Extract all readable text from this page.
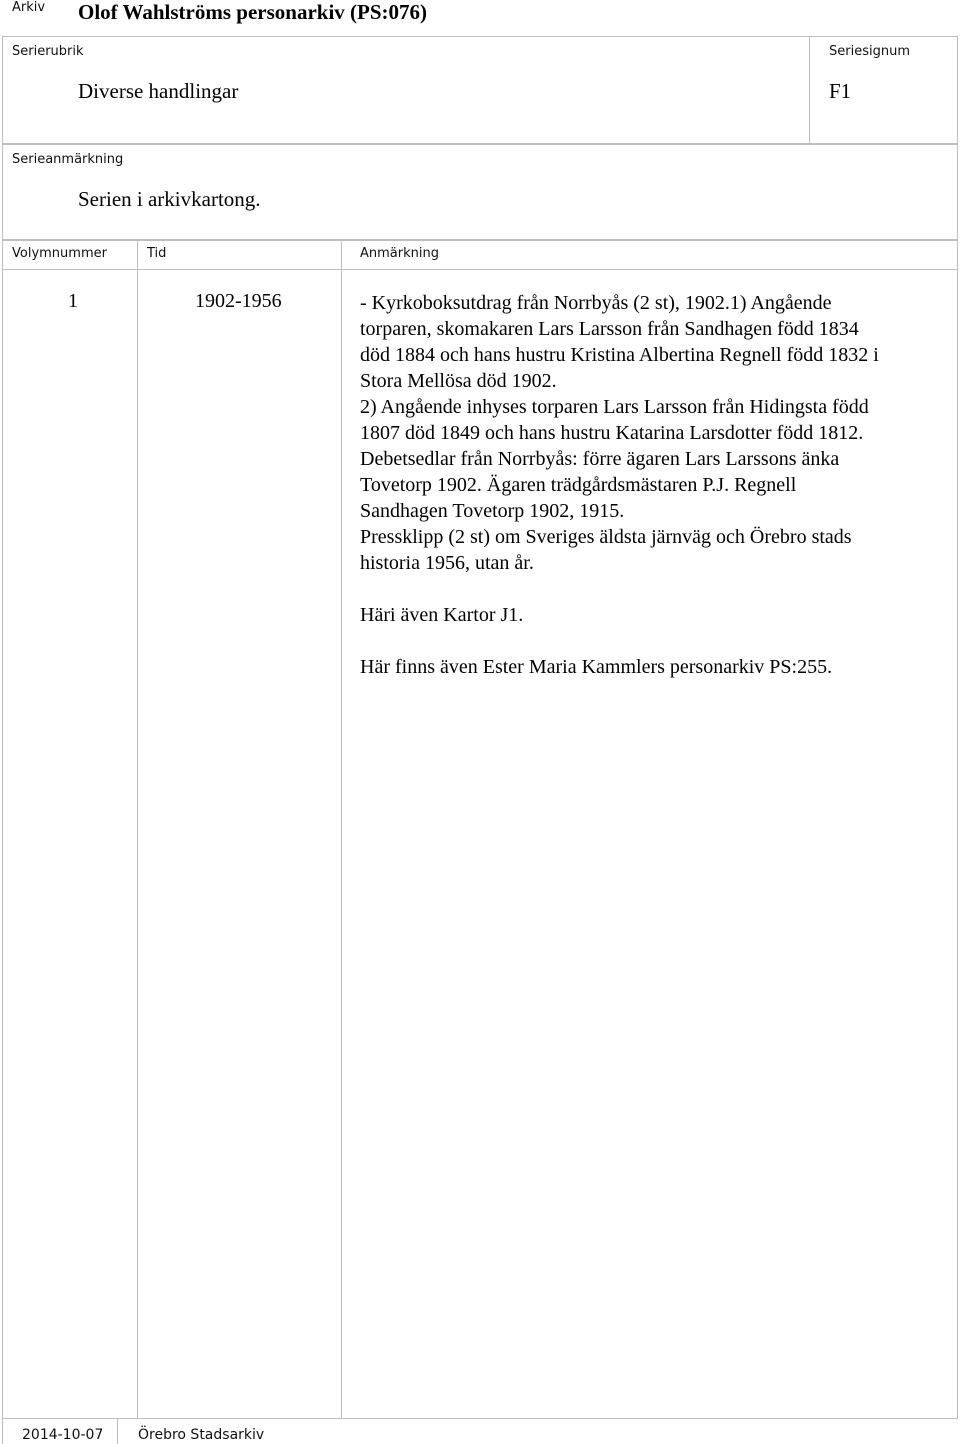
Arkiv Olof Wahlströms personarkiv (PS:076)
Serierubrik
Diverse handlingar
Seriesignum
F1
Serieanmärkning
Serien i arkivkartong.
Volymnummer	Tid	Anmärkning
1	1902-1956	- Kyrkoboksutdrag från Norrbyås (2 st), 1902.1) Angående

torparen, skomakaren Lars Larsson från Sandhagen född 1834

död 1884 och hans hustru Kristina Albertina Regnell född 1832 i

Stora Mellösa död 1902.

2) Angående inhyses torparen Lars Larsson från Hidingsta född

1807 död 1849 och hans hustru Katarina Larsdotter född 1812.

Debetsedlar från Norrbyås: förre ägaren Lars Larssons änka

Tovetorp 1902. Ägaren trädgårdsmästaren P.J. Regnell

Sandhagen Tovetorp 1902, 1915.

Pressklipp (2 st) om Sveriges äldsta järnväg och Örebro stads

historia 1956, utan år.

Häri även Kartor J1.

Här finns även Ester Maria Kammlers personarkiv PS:255.

2014-10-07 Örebro Stadsarkiv
